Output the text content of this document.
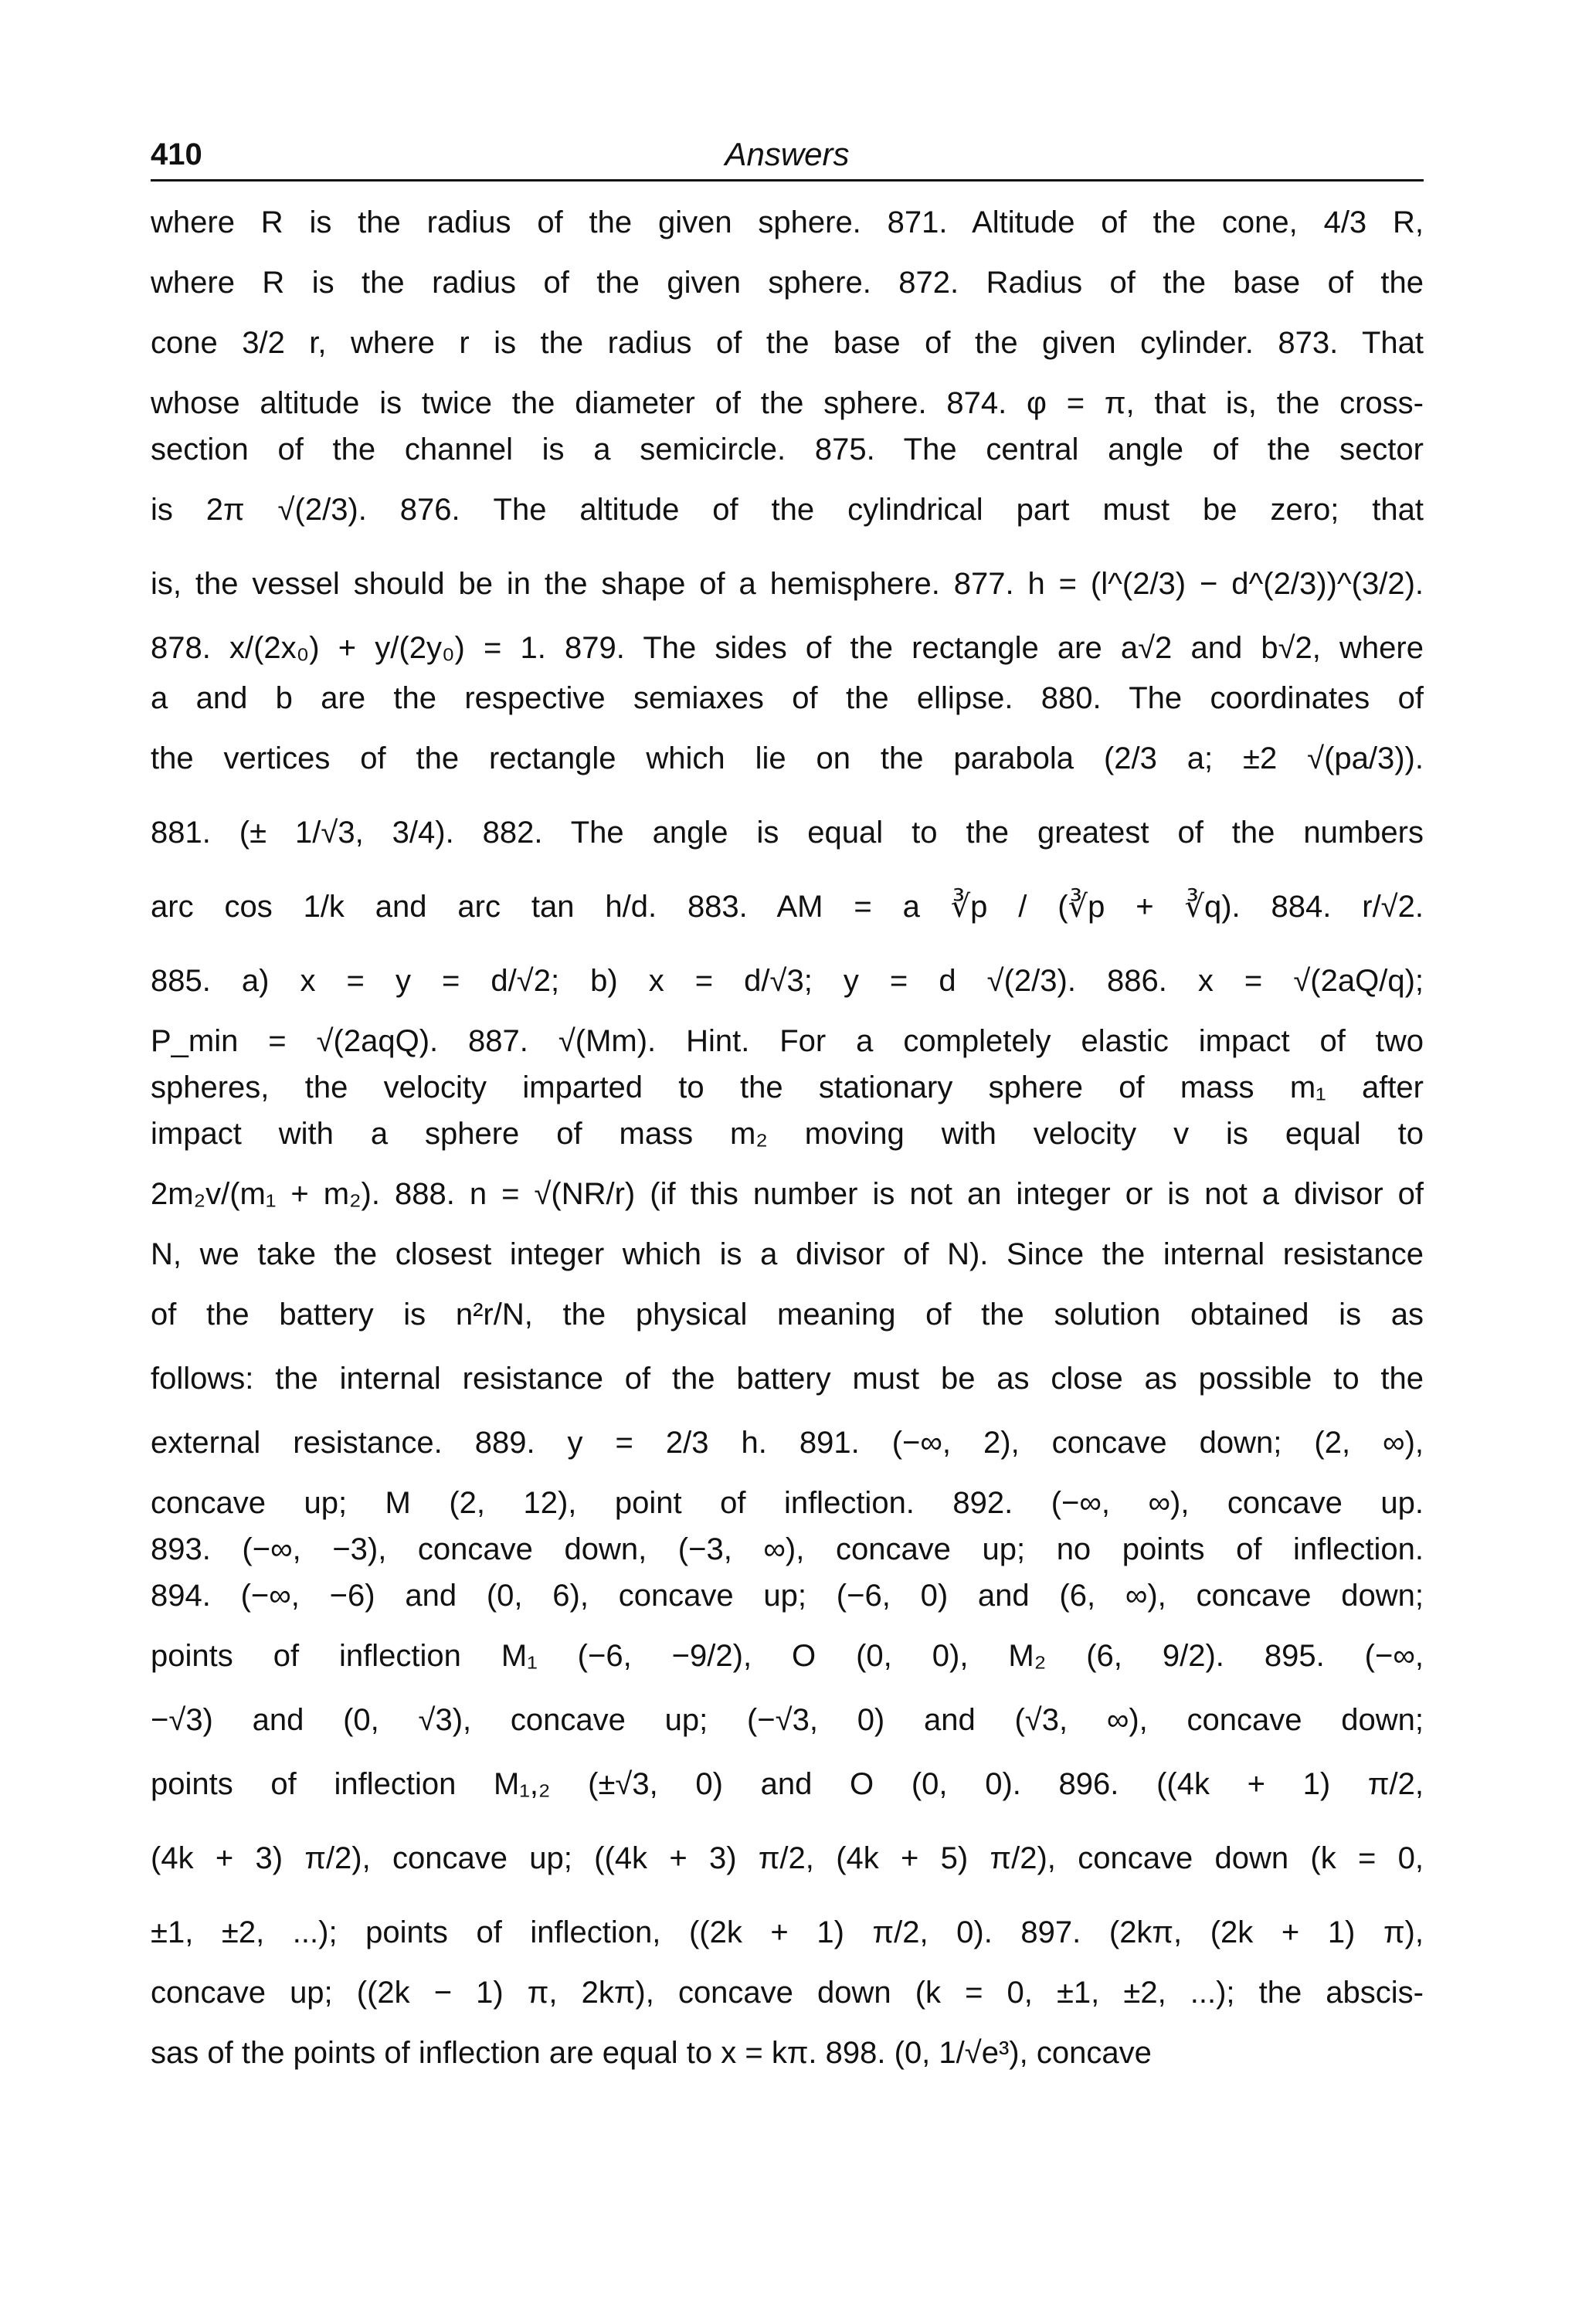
410	Answers
where R is the radius of the given sphere. 871. Altitude of the cone, 4/3 R,
where R is the radius of the given sphere. 872. Radius of the base of the
cone 3/2 r, where r is the radius of the base of the given cylinder. 873. That
whose altitude is twice the diameter of the sphere. 874. φ = π, that is, the cross-
section of the channel is a semicircle. 875. The central angle of the sector
is 2π √(2/3). 876. The altitude of the cylindrical part must be zero; that
is, the vessel should be in the shape of a hemisphere. 877. h = (l^(2/3) − d^(2/3))^(3/2).
878. x/(2x₀) + y/(2y₀) = 1. 879. The sides of the rectangle are a√2 and b√2, where
a and b are the respective semiaxes of the ellipse. 880. The coordinates of
the vertices of the rectangle which lie on the parabola (2/3 a; ±2 √(pa/3)).
881. (± 1/√3, 3/4). 882. The angle is equal to the greatest of the numbers
arc cos 1/k and arc tan h/d. 883. AM = a ∛p / (∛p + ∛q). 884. r/√2.
885. a) x = y = d/√2; b) x = d/√3; y = d √(2/3). 886. x = √(2aQ/q);
P_min = √(2aqQ). 887. √(Mm). Hint. For a completely elastic impact of two
spheres, the velocity imparted to the stationary sphere of mass m₁ after
impact with a sphere of mass m₂ moving with velocity v is equal to
2m₂v/(m₁ + m₂). 888. n = √(NR/r) (if this number is not an integer or is not a divisor of
N, we take the closest integer which is a divisor of N). Since the internal resistance
of the battery is n²r/N, the physical meaning of the solution obtained is as
follows: the internal resistance of the battery must be as close as possible to the
external resistance. 889. y = 2/3 h. 891. (−∞, 2), concave down; (2, ∞),
concave up; M (2, 12), point of inflection. 892. (−∞, ∞), concave up.
893. (−∞, −3), concave down, (−3, ∞), concave up; no points of inflection.
894. (−∞, −6) and (0, 6), concave up; (−6, 0) and (6, ∞), concave down;
points of inflection M₁ (−6, −9/2), O (0, 0), M₂ (6, 9/2). 895. (−∞,
−√3) and (0, √3), concave up; (−√3, 0) and (√3, ∞), concave down;
points of inflection M₁,₂ (±√3, 0) and O (0, 0). 896. ((4k + 1) π/2,
(4k + 3) π/2), concave up; ((4k + 3) π/2, (4k + 5) π/2), concave down (k = 0,
±1, ±2, ...); points of inflection, ((2k + 1) π/2, 0). 897. (2kπ, (2k + 1) π),
concave up; ((2k − 1) π, 2kπ), concave down (k = 0, ±1, ±2, ...); the abscis-
sas of the points of inflection are equal to x = kπ. 898. (0, 1/√e³), concave
